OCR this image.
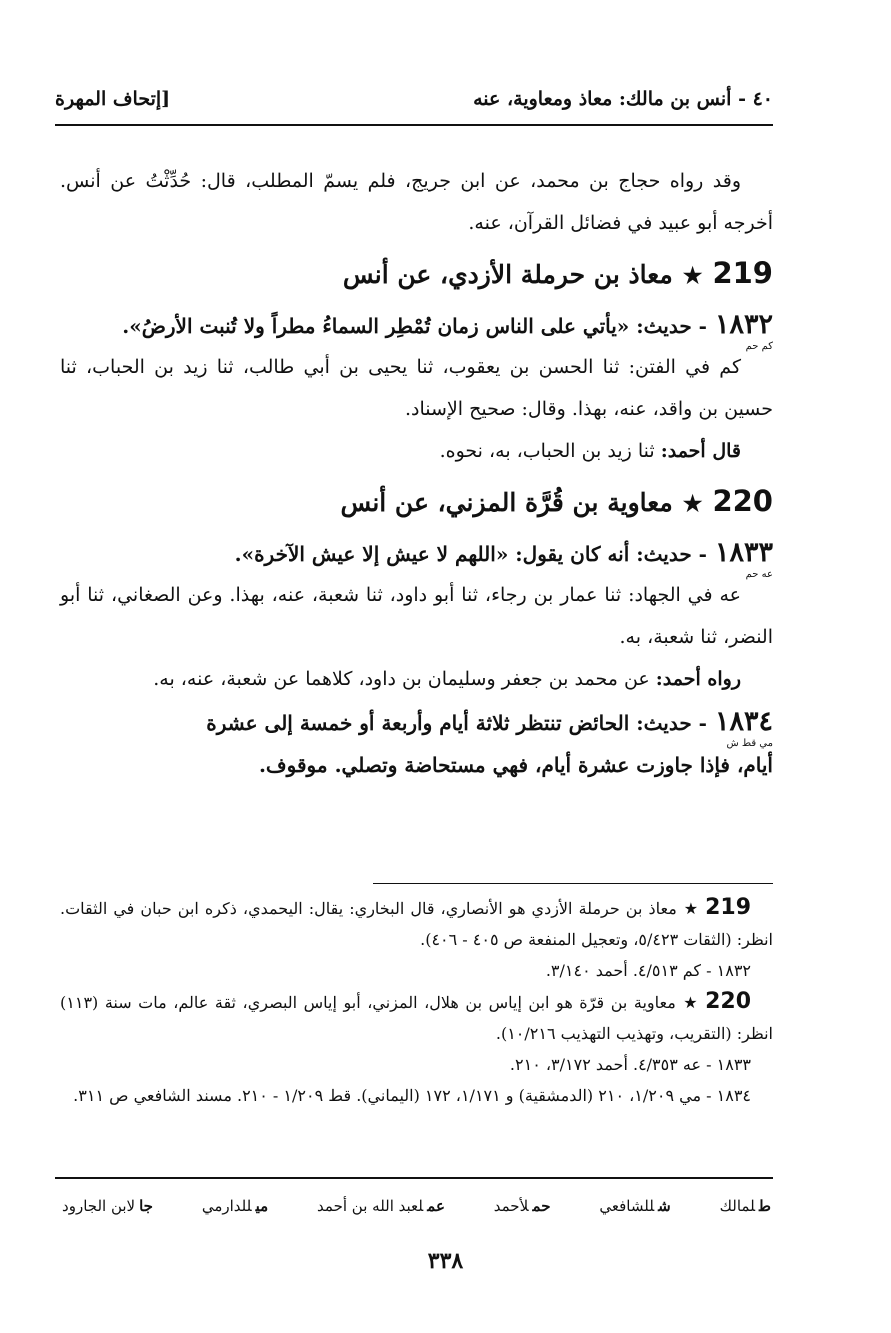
٤٠ - أنس بن مالك: معاذ ومعاوية، عنه
[إتحاف المهرة

وقد رواه حجاج بن محمد، عن ابن جريج، فلم يسمّ المطلب، قال: حُدِّثْتُ عن أنس. أخرجه أبو عبيد في فضائل القرآن، عنه.

219★معاذ بن حرملة الأزدي، عن أنس

١٨٣٢- حديث: «يأتي على الناس زمان تُمْطِر السماءُ مطراً ولا تُنبت الأرضُ».

كم حم

كم في الفتن: ثنا الحسن بن يعقوب، ثنا يحيى بن أبي طالب، ثنا زيد بن الحباب، ثنا حسين بن واقد، عنه، بهذا. وقال: صحيح الإسناد.

قال أحمد: ثنا زيد بن الحباب، به، نحوه.

220★معاوية بن قُرَّة المزني، عن أنس

١٨٣٣- حديث: أنه كان يقول: «اللهم لا عيش إلا عيش الآخرة».

عه حم

عه في الجهاد: ثنا عمار بن رجاء، ثنا أبو داود، ثنا شعبة، عنه، بهذا. وعن الصغاني، ثنا أبو النضر، ثنا شعبة، به.

رواه أحمد: عن محمد بن جعفر وسليمان بن داود، كلاهما عن شعبة، عنه، به.

١٨٣٤- حديث: الحائض تنتظر ثلاثة أيام وأربعة أو خمسة إلى عشرة

مي قط ش

أيام، فإذا جاوزت عشرة أيام، فهي مستحاضة وتصلي. موقوف.

219★معاذ بن حرملة الأزدي هو الأنصاري، قال البخاري: يقال: اليحمدي، ذكره ابن حبان في الثقات. انظر: (الثقات ٥/٤٢٣، وتعجيل المنفعة ص ٤٠٥ - ٤٠٦).

١٨٣٢ - كم ٤/٥١٣. أحمد ٣/١٤٠.

220★معاوية بن قرّة هو ابن إياس بن هلال، المزني، أبو إياس البصري، ثقة عالم، مات سنة (١١٣) انظر: (التقريب، وتهذيب التهذيب ١٠/٢١٦).

١٨٣٣ - عه ٤/٣٥٣. أحمد ٣/١٧٢، ٢١٠.

١٨٣٤ - مي ١/٢٠٩، ٢١٠ (الدمشقية) و ١/١٧١، ١٧٢ (اليماني). قط ١/٢٠٩ - ٢١٠. مسند الشافعي ص ٣١١.

طلمالك
شللشافعي
حملأحمد
عملعبد الله بن أحمد
ميللدارمي
جالابن الجارود
٣٣٨
